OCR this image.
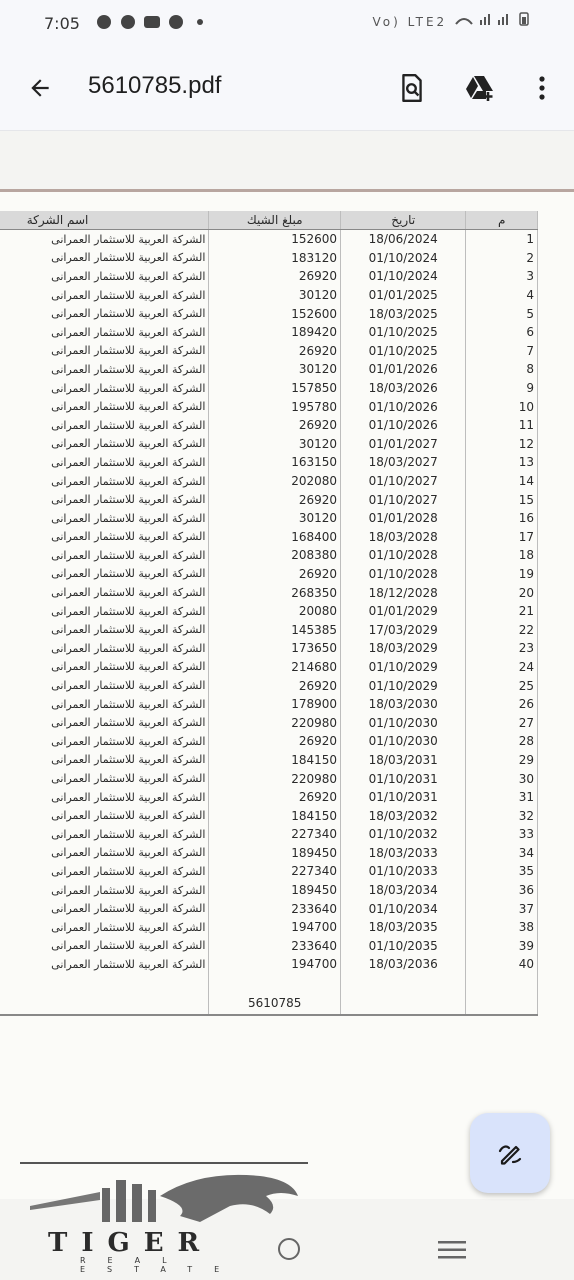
7:05	Vo) LTE2
5610785.pdf
اسم الشركة	مبلغ الشيك	تاريخ	م
الشركة العربية للاستثمار العمرانى	152600	18/06/2024	1
الشركة العربية للاستثمار العمرانى	183120	01/10/2024	2
الشركة العربية للاستثمار العمرانى	26920	01/10/2024	3
الشركة العربية للاستثمار العمرانى	30120	01/01/2025	4
الشركة العربية للاستثمار العمرانى	152600	18/03/2025	5
الشركة العربية للاستثمار العمرانى	189420	01/10/2025	6
الشركة العربية للاستثمار العمرانى	26920	01/10/2025	7
الشركة العربية للاستثمار العمرانى	30120	01/01/2026	8
الشركة العربية للاستثمار العمرانى	157850	18/03/2026	9
الشركة العربية للاستثمار العمرانى	195780	01/10/2026	10
الشركة العربية للاستثمار العمرانى	26920	01/10/2026	11
الشركة العربية للاستثمار العمرانى	30120	01/01/2027	12
الشركة العربية للاستثمار العمرانى	163150	18/03/2027	13
الشركة العربية للاستثمار العمرانى	202080	01/10/2027	14
الشركة العربية للاستثمار العمرانى	26920	01/10/2027	15
الشركة العربية للاستثمار العمرانى	30120	01/01/2028	16
الشركة العربية للاستثمار العمرانى	168400	18/03/2028	17
الشركة العربية للاستثمار العمرانى	208380	01/10/2028	18
الشركة العربية للاستثمار العمرانى	26920	01/10/2028	19
الشركة العربية للاستثمار العمرانى	268350	18/12/2028	20
الشركة العربية للاستثمار العمرانى	20080	01/01/2029	21
الشركة العربية للاستثمار العمرانى	145385	17/03/2029	22
الشركة العربية للاستثمار العمرانى	173650	18/03/2029	23
الشركة العربية للاستثمار العمرانى	214680	01/10/2029	24
الشركة العربية للاستثمار العمرانى	26920	01/10/2029	25
الشركة العربية للاستثمار العمرانى	178900	18/03/2030	26
الشركة العربية للاستثمار العمرانى	220980	01/10/2030	27
الشركة العربية للاستثمار العمرانى	26920	01/10/2030	28
الشركة العربية للاستثمار العمرانى	184150	18/03/2031	29
الشركة العربية للاستثمار العمرانى	220980	01/10/2031	30
الشركة العربية للاستثمار العمرانى	26920	01/10/2031	31
الشركة العربية للاستثمار العمرانى	184150	18/03/2032	32
الشركة العربية للاستثمار العمرانى	227340	01/10/2032	33
الشركة العربية للاستثمار العمرانى	189450	18/03/2033	34
الشركة العربية للاستثمار العمرانى	227340	01/10/2033	35
الشركة العربية للاستثمار العمرانى	189450	18/03/2034	36
الشركة العربية للاستثمار العمرانى	233640	01/10/2034	37
الشركة العربية للاستثمار العمرانى	194700	18/03/2035	38
الشركة العربية للاستثمار العمرانى	233640	01/10/2035	39
الشركة العربية للاستثمار العمرانى	194700	18/03/2036	40

	5610785		
TIGER
REAL ESTATE
